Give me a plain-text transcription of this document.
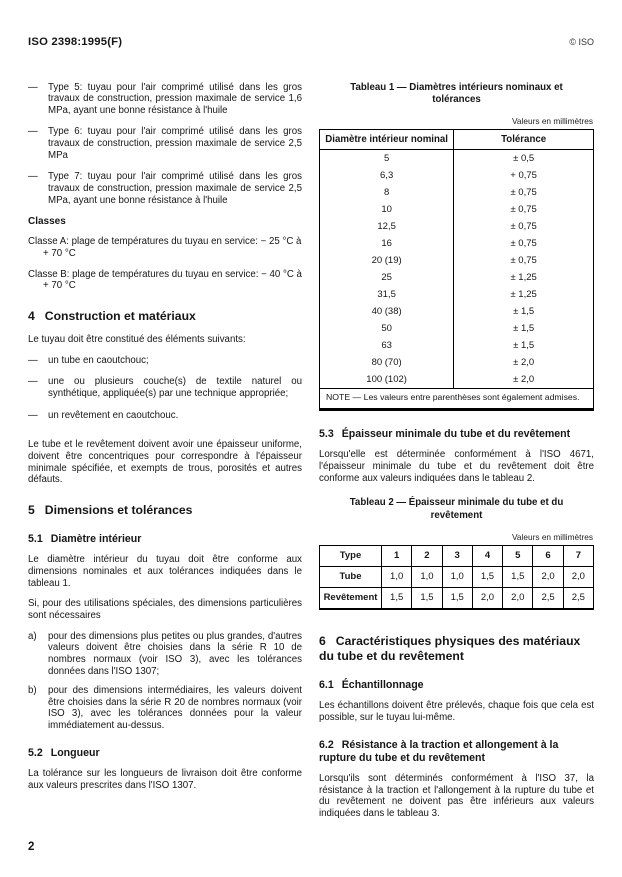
ISO 2398:1995(F)	© ISO
—	Type 5: tuyau pour l'air comprimé utilisé dans les gros travaux de construction, pression maximale de service 1,6 MPa, ayant une bonne résistance à l'huile
—	Type 6: tuyau pour l'air comprimé utilisé dans les gros travaux de construction, pression maximale de service 2,5 MPa
—	Type 7: tuyau pour l'air comprimé utilisé dans les gros travaux de construction, pression maximale de service 2,5 MPa, ayant une bonne résistance à l'huile
Classes

Classe A: plage de températures du tuyau en service: − 25 °C à + 70 °C

Classe B: plage de températures du tuyau en service: − 40 °C à + 70 °C

4 Construction et matériaux

Le tuyau doit être constitué des éléments suivants:

—	un tube en caoutchouc;
—	une ou plusieurs couche(s) de textile naturel ou synthétique, appliquée(s) par une technique appropriée;
—	un revêtement en caoutchouc.

Le tube et le revêtement doivent avoir une épaisseur uniforme, doivent être concentriques pour correspondre à l'épaisseur minimale spécifiée, et exempts de trous, porosités et autres défauts.

5 Dimensions et tolérances
5.1 Diamètre intérieur

Le diamètre intérieur du tuyau doit être conforme aux dimensions nominales et aux tolérances indiquées dans le tableau 1.

Si, pour des utilisations spéciales, des dimensions particulières sont nécessaires

a)	pour des dimensions plus petites ou plus grandes, d'autres valeurs doivent être choisies dans la série R 10 de nombres normaux (voir ISO 3), avec les tolérances données dans l'ISO 1307;
b)	pour des dimensions intermédiaires, les valeurs doivent être choisies dans la série R 20 de nombres normaux (voir ISO 3), avec les tolérances données pour la valeur immédiatement au-dessus.
5.2 Longueur

La tolérance sur les longueurs de livraison doit être conforme aux valeurs prescrites dans l'ISO 1307.

Tableau 1 — Diamètres intérieurs nominaux et tolérances
Valeurs en millimètres
Diamètre intérieur nominal	Tolérance
5	± 0,5
6,3	+ 0,75
8	± 0,75
10	± 0,75
12,5	± 0,75
16	± 0,75
20 (19)	± 0,75
25	± 1,25
31,5	± 1,25
40 (38)	± 1,5
50	± 1,5
63	± 1,5
80 (70)	± 2,0
100 (102)	± 2,0
NOTE — Les valeurs entre parenthèses sont également admises.	
5.3 Épaisseur minimale du tube et du revêtement

Lorsqu'elle est déterminée conformément à l'ISO 4671, l'épaisseur minimale du tube et du revêtement doit être conforme aux valeurs indiquées dans le tableau 2.

Tableau 2 — Épaisseur minimale du tube et du revêtement
Valeurs en millimètres
Type	1	2	3	4	5	6	7
Tube	1,0	1,0	1,0	1,5	1,5	2,0	2,0
Revêtement	1,5	1,5	1,5	2,0	2,0	2,5	2,5
6 Caractéristiques physiques des matériaux du tube et du revêtement
6.1 Échantillonnage

Les échantillons doivent être prélevés, chaque fois que cela est possible, sur le tuyau lui-même.

6.2 Résistance à la traction et allongement à la rupture du tube et du revêtement

Lorsqu'ils sont déterminés conformément à l'ISO 37, la résistance à la traction et l'allongement à la rupture du tube et du revêtement ne doivent pas être inférieurs aux valeurs indiquées dans le tableau 3.

2
